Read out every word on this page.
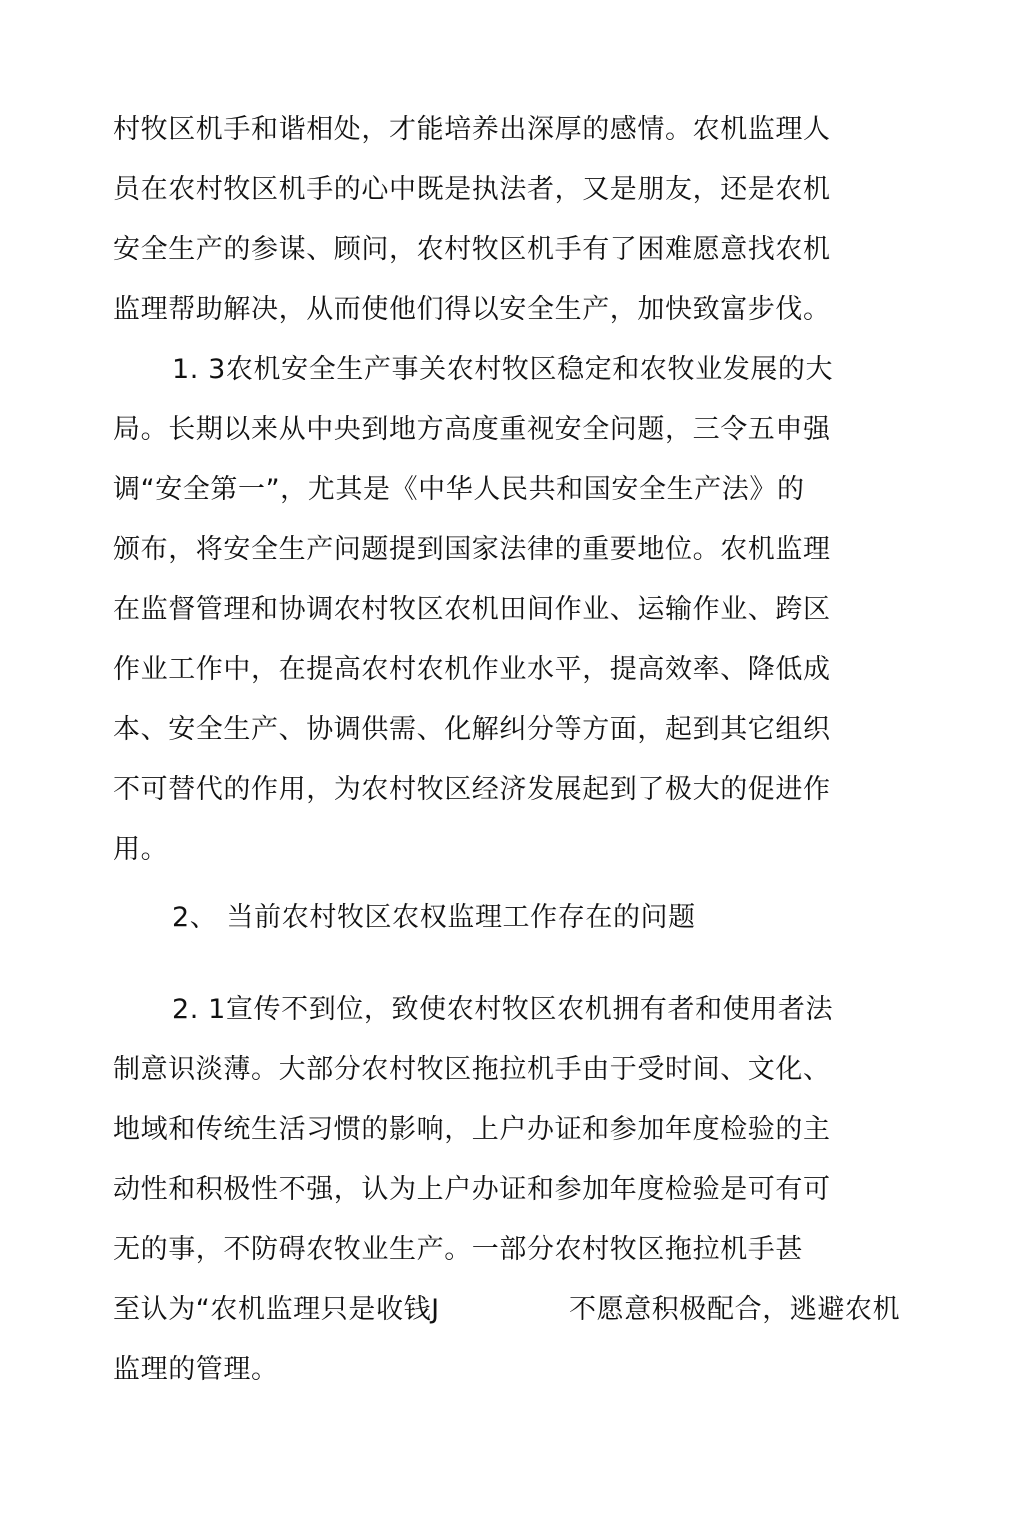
村牧区机手和谐相处，才能培养出深厚的感情。农机监理人
员在农村牧区机手的心中既是执法者，又是朋友，还是农机
安全生产的参谋、顾问，农村牧区机手有了困难愿意找农机
监理帮助解决，从而使他们得以安全生产，加快致富步伐。
1. 3农机安全生产事关农村牧区稳定和农牧业发展的大
局。长期以来从中央到地方高度重视安全问题，三令五申强
调“安全第一”，尤其是《中华人民共和国安全生产法》的
颁布，将安全生产问题提到国家法律的重要地位。农机监理
在监督管理和协调农村牧区农机田间作业、运输作业、跨区
作业工作中，在提高农村农机作业水平，提高效率、降低成
本、安全生产、协调供需、化解纠分等方面，起到其它组织
不可替代的作用，为农村牧区经济发展起到了极大的促进作
用。
2、 当前农村牧区农权监理工作存在的问题
2. 1宣传不到位，致使农村牧区农机拥有者和使用者法
制意识淡薄。大部分农村牧区拖拉机手由于受时间、文化、
地域和传统生活习惯的影响，上户办证和参加年度检验的主
动性和积极性不强，认为上户办证和参加年度检验是可有可
无的事，不防碍农牧业生产。一部分农村牧区拖拉机手甚
至认为“农机监理只是收钱J	不愿意积极配合，逃避农机
监理的管理。
